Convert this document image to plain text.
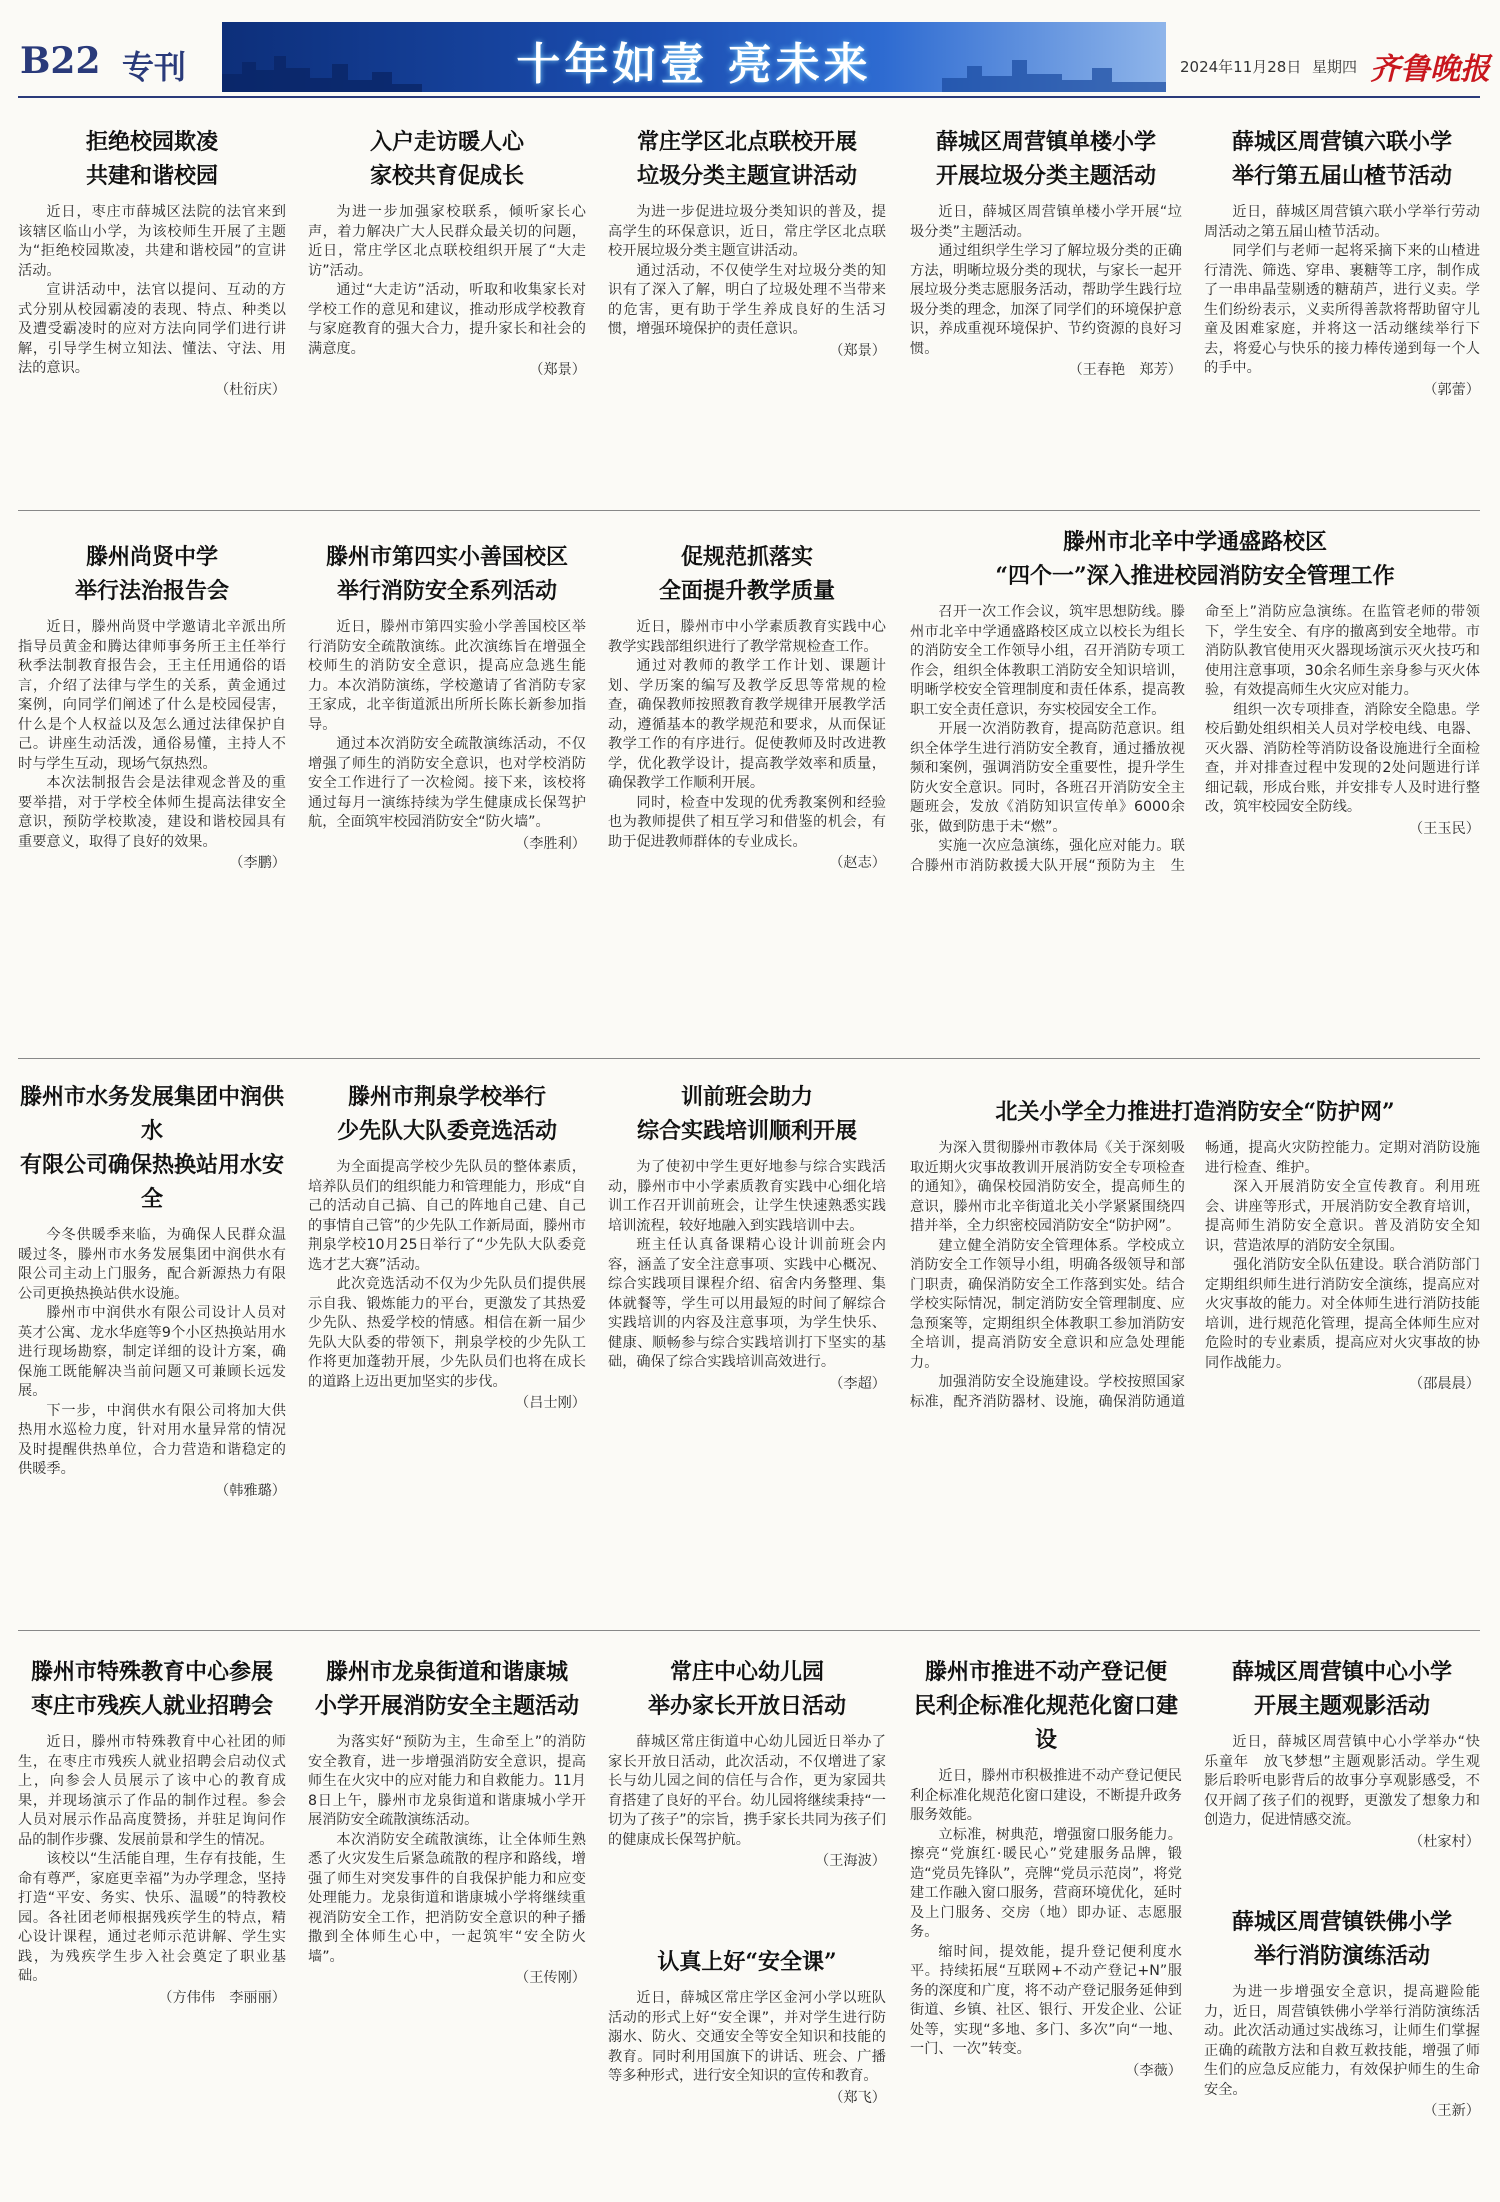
B22 专刊	十年如壹 亮未来	2024年11月28日 星期四 齐鲁晚报
拒绝校园欺凌
共建和谐校园

近日，枣庄市薛城区法院的法官来到该辖区临山小学，为该校师生开展了主题为“拒绝校园欺凌，共建和谐校园”的宣讲活动。

宣讲活动中，法官以提问、互动的方式分别从校园霸凌的表现、特点、种类以及遭受霸凌时的应对方法向同学们进行讲解，引导学生树立知法、懂法、守法、用法的意识。

（杜衍庆）
入户走访暖人心
家校共育促成长

为进一步加强家校联系，倾听家长心声，着力解决广大人民群众最关切的问题，近日，常庄学区北点联校组织开展了“大走访”活动。

通过“大走访”活动，听取和收集家长对学校工作的意见和建议，推动形成学校教育与家庭教育的强大合力，提升家长和社会的满意度。

（郑景）
常庄学区北点联校开展
垃圾分类主题宣讲活动

为进一步促进垃圾分类知识的普及，提高学生的环保意识，近日，常庄学区北点联校开展垃圾分类主题宣讲活动。

通过活动，不仅使学生对垃圾分类的知识有了深入了解，明白了垃圾处理不当带来的危害，更有助于学生养成良好的生活习惯，增强环境保护的责任意识。

（郑景）
薛城区周营镇单楼小学
开展垃圾分类主题活动

近日，薛城区周营镇单楼小学开展“垃圾分类”主题活动。

通过组织学生学习了解垃圾分类的正确方法，明晰垃圾分类的现状，与家长一起开展垃圾分类志愿服务活动，帮助学生践行垃圾分类的理念，加深了同学们的环境保护意识，养成重视环境保护、节约资源的良好习惯。

（王春艳　郑芳）
薛城区周营镇六联小学
举行第五届山楂节活动

近日，薛城区周营镇六联小学举行劳动周活动之第五届山楂节活动。

同学们与老师一起将采摘下来的山楂进行清洗、筛选、穿串、裹糖等工序，制作成了一串串晶莹剔透的糖葫芦，进行义卖。学生们纷纷表示，义卖所得善款将帮助留守儿童及困难家庭，并将这一活动继续举行下去，将爱心与快乐的接力棒传递到每一个人的手中。

（郭蕾）
滕州尚贤中学
举行法治报告会

近日，滕州尚贤中学邀请北辛派出所指导员黄金和腾达律师事务所王主任举行秋季法制教育报告会，王主任用通俗的语言，介绍了法律与学生的关系，黄金通过案例，向同学们阐述了什么是校园侵害，什么是个人权益以及怎么通过法律保护自己。讲座生动活泼，通俗易懂，主持人不时与学生互动，现场气氛热烈。

本次法制报告会是法律观念普及的重要举措，对于学校全体师生提高法律安全意识，预防学校欺凌，建设和谐校园具有重要意义，取得了良好的效果。

（李鹏）
滕州市第四实小善国校区
举行消防安全系列活动

近日，滕州市第四实验小学善国校区举行消防安全疏散演练。此次演练旨在增强全校师生的消防安全意识，提高应急逃生能力。本次消防演练，学校邀请了省消防专家王家成，北辛街道派出所所长陈长新参加指导。

通过本次消防安全疏散演练活动，不仅增强了师生的消防安全意识，也对学校消防安全工作进行了一次检阅。接下来，该校将通过每月一演练持续为学生健康成长保驾护航，全面筑牢校园消防安全“防火墙”。

（李胜利）
促规范抓落实
全面提升教学质量

近日，滕州市中小学素质教育实践中心教学实践部组织进行了教学常规检查工作。

通过对教师的教学工作计划、课题计划、学历案的编写及教学反思等常规的检查，确保教师按照教育教学规律开展教学活动，遵循基本的教学规范和要求，从而保证教学工作的有序进行。促使教师及时改进教学，优化教学设计，提高教学效率和质量，确保教学工作顺利开展。

同时，检查中发现的优秀教案例和经验也为教师提供了相互学习和借鉴的机会，有助于促进教师群体的专业成长。

（赵志）
滕州市北辛中学通盛路校区
“四个一”深入推进校园消防安全管理工作

召开一次工作会议，筑牢思想防线。滕州市北辛中学通盛路校区成立以校长为组长的消防安全工作领导小组，召开消防专项工作会，组织全体教职工消防安全知识培训，明晰学校安全管理制度和责任体系，提高教职工安全责任意识，夯实校园安全工作。

开展一次消防教育，提高防范意识。组织全体学生进行消防安全教育，通过播放视频和案例，强调消防安全重要性，提升学生防火安全意识。同时，各班召开消防安全主题班会，发放《消防知识宣传单》6000余张，做到防患于未“燃”。

实施一次应急演练，强化应对能力。联合滕州市消防救援大队开展“预防为主　生命至上”消防应急演练。在监管老师的带领下，学生安全、有序的撤离到安全地带。市消防队教官使用灭火器现场演示灭火技巧和使用注意事项，30余名师生亲身参与灭火体验，有效提高师生火灾应对能力。

组织一次专项排查，消除安全隐患。学校后勤处组织相关人员对学校电线、电器、灭火器、消防栓等消防设备设施进行全面检查，并对排查过程中发现的2处问题进行详细记载，形成台账，并安排专人及时进行整改，筑牢校园安全防线。

（王玉民）
滕州市水务发展集团中润供水
有限公司确保热换站用水安全

今冬供暖季来临，为确保人民群众温暖过冬，滕州市水务发展集团中润供水有限公司主动上门服务，配合新源热力有限公司更换热换站供水设施。

滕州市中润供水有限公司设计人员对英才公寓、龙水华庭等9个小区热换站用水进行现场勘察，制定详细的设计方案，确保施工既能解决当前问题又可兼顾长远发展。

下一步，中润供水有限公司将加大供热用水巡检力度，针对用水量异常的情况及时提醒供热单位，合力营造和谐稳定的供暖季。

（韩雅璐）
滕州市荆泉学校举行
少先队大队委竞选活动

为全面提高学校少先队员的整体素质，培养队员们的组织能力和管理能力，形成“自己的活动自己搞、自己的阵地自己建、自己的事情自己管”的少先队工作新局面，滕州市荆泉学校10月25日举行了“少先队大队委竞选才艺大赛”活动。

此次竞选活动不仅为少先队员们提供展示自我、锻炼能力的平台，更激发了其热爱少先队、热爱学校的情感。相信在新一届少先队大队委的带领下，荆泉学校的少先队工作将更加蓬勃开展，少先队员们也将在成长的道路上迈出更加坚实的步伐。

（吕士刚）
训前班会助力
综合实践培训顺利开展

为了使初中学生更好地参与综合实践活动，滕州市中小学素质教育实践中心细化培训工作召开训前班会，让学生快速熟悉实践培训流程，较好地融入到实践培训中去。

班主任认真备课精心设计训前班会内容，涵盖了安全注意事项、实践中心概况、综合实践项目课程介绍、宿舍内务整理、集体就餐等，学生可以用最短的时间了解综合实践培训的内容及注意事项，为学生快乐、健康、顺畅参与综合实践培训打下坚实的基础，确保了综合实践培训高效进行。

（李超）
北关小学全力推进打造消防安全“防护网”

为深入贯彻滕州市教体局《关于深刻吸取近期火灾事故教训开展消防安全专项检查的通知》，确保校园消防安全，提高师生的意识，滕州市北辛街道北关小学紧紧围绕四措并举，全力织密校园消防安全“防护网”。

建立健全消防安全管理体系。学校成立消防安全工作领导小组，明确各级领导和部门职责，确保消防安全工作落到实处。结合学校实际情况，制定消防安全管理制度、应急预案等，定期组织全体教职工参加消防安全培训，提高消防安全意识和应急处理能力。

加强消防安全设施建设。学校按照国家标准，配齐消防器材、设施，确保消防通道畅通，提高火灾防控能力。定期对消防设施进行检查、维护。

深入开展消防安全宣传教育。利用班会、讲座等形式，开展消防安全教育培训，提高师生消防安全意识。普及消防安全知识，营造浓厚的消防安全氛围。

强化消防安全队伍建设。联合消防部门定期组织师生进行消防安全演练，提高应对火灾事故的能力。对全体师生进行消防技能培训，进行规范化管理，提高全体师生应对危险时的专业素质，提高应对火灾事故的协同作战能力。

（邵晨晨）
滕州市特殊教育中心参展
枣庄市残疾人就业招聘会

近日，滕州市特殊教育中心社团的师生，在枣庄市残疾人就业招聘会启动仪式上，向参会人员展示了该中心的教育成果，并现场演示了作品的制作过程。参会人员对展示作品高度赞扬，并驻足询问作品的制作步骤、发展前景和学生的情况。

该校以“生活能自理，生存有技能，生命有尊严，家庭更幸福”为办学理念，坚持打造“平安、务实、快乐、温暖”的特教校园。各社团老师根据残疾学生的特点，精心设计课程，通过老师示范讲解、学生实践，为残疾学生步入社会奠定了职业基础。

（方伟伟　李丽丽）
滕州市龙泉街道和谐康城
小学开展消防安全主题活动

为落实好“预防为主，生命至上”的消防安全教育，进一步增强消防安全意识，提高师生在火灾中的应对能力和自救能力。11月8日上午，滕州市龙泉街道和谐康城小学开展消防安全疏散演练活动。

本次消防安全疏散演练，让全体师生熟悉了火灾发生后紧急疏散的程序和路线，增强了师生对突发事件的自我保护能力和应变处理能力。龙泉街道和谐康城小学将继续重视消防安全工作，把消防安全意识的种子播撒到全体师生心中，一起筑牢“安全防火墙”。

（王传刚）
常庄中心幼儿园
举办家长开放日活动

薛城区常庄街道中心幼儿园近日举办了家长开放日活动，此次活动，不仅增进了家长与幼儿园之间的信任与合作，更为家园共育搭建了良好的平台。幼儿园将继续秉持“一切为了孩子”的宗旨，携手家长共同为孩子们的健康成长保驾护航。

（王海波）
认真上好“安全课”

近日，薛城区常庄学区金河小学以班队活动的形式上好“安全课”，并对学生进行防溺水、防火、交通安全等安全知识和技能的教育。同时利用国旗下的讲话、班会、广播等多种形式，进行安全知识的宣传和教育。

（郑飞）
滕州市推进不动产登记便
民利企标准化规范化窗口建设

近日，滕州市积极推进不动产登记便民利企标准化规范化窗口建设，不断提升政务服务效能。

立标准，树典范，增强窗口服务能力。擦亮“党旗红·暖民心”党建服务品牌，锻造“党员先锋队”，亮牌“党员示范岗”，将党建工作融入窗口服务，营商环境优化，延时及上门服务、交房（地）即办证、志愿服务。

缩时间，提效能，提升登记便利度水平。持续拓展“互联网+不动产登记+N”服务的深度和广度，将不动产登记服务延伸到街道、乡镇、社区、银行、开发企业、公证处等，实现“多地、多门、多次”向“一地、一门、一次”转变。

（李薇）
薛城区周营镇中心小学
开展主题观影活动

近日，薛城区周营镇中心小学举办“快乐童年　放飞梦想”主题观影活动。学生观影后聆听电影背后的故事分享观影感受，不仅开阔了孩子们的视野，更激发了想象力和创造力，促进情感交流。

（杜家村）
薛城区周营镇铁佛小学
举行消防演练活动

为进一步增强安全意识，提高避险能力，近日，周营镇铁佛小学举行消防演练活动。此次活动通过实战练习，让师生们掌握正确的疏散方法和自救互救技能，增强了师生们的应急反应能力，有效保护师生的生命安全。

（王新）
